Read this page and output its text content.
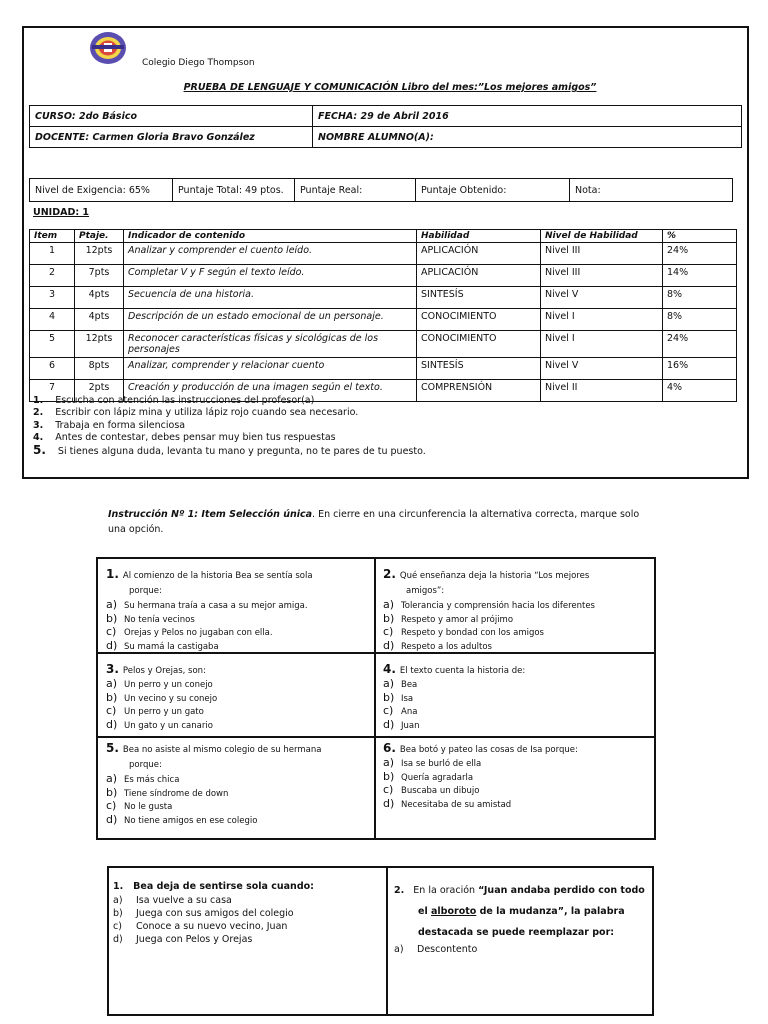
Colegio Diego Thompson
PRUEBA DE LENGUAJE Y COMUNICACIÓN Libro del mes:”Los mejores amigos”
CURSO: 2do Básico	FECHA: 29 de Abril 2016
DOCENTE: Carmen Gloria Bravo González	NOMBRE ALUMNO(A):
Nivel de Exigencia: 65%	Puntaje Total: 49 ptos.	Puntaje Real:	Puntaje Obtenido:	Nota:
UNIDAD: 1
Item	Ptaje.	Indicador de contenido	Habilidad	Nivel de Habilidad	%
1	12pts	Analizar y comprender el cuento leído.	APLICACIÓN	Nivel III	24%
2	7pts	Completar V y F según el texto leído.	APLICACIÓN	Nivel III	14%
3	4pts	Secuencia de una historia.	SINTESÍS	Nivel V	8%
4	4pts	Descripción de un estado emocional de un personaje.	CONOCIMIENTO	Nivel I	8%
5	12pts	Reconocer características físicas y sicológicas de los personajes	CONOCIMIENTO	Nivel I	24%
6	8pts	Analizar, comprender y relacionar cuento	SINTESÍS	Nivel V	16%
7	2pts	Creación y producción de una imagen según el texto.	COMPRENSIÓN	Nivel II	4%
1. Escucha con atención las instrucciones del profesor(a)
2. Escribir con lápiz mina y utiliza lápiz rojo cuando sea necesario.
3. Trabaja en forma silenciosa
4. Antes de contestar, debes pensar muy bien tus respuestas
5. Si tienes alguna duda, levanta tu mano y pregunta, no te pares de tu puesto.
Instrucción Nº 1: Item Selección única. En cierre en una circunferencia la alternativa correcta, marque solo una opción.
1. Al comienzo de la historia Bea se sentía sola
porque:
a) Su hermana traía a casa a su mejor amiga.
b) No tenía vecinos
c) Orejas y Pelos no jugaban con ella.
d) Su mamá la castigaba
2. Qué enseñanza deja la historia “Los mejores
amigos”:
a) Tolerancia y comprensión hacia los diferentes
b) Respeto y amor al prójimo
c) Respeto y bondad con los amigos
d) Respeto a los adultos
3. Pelos y Orejas, son:
a) Un perro y un conejo
b) Un vecino y su conejo
c) Un perro y un gato
d) Un gato y un canario
4. El texto cuenta la historia de:
a) Bea
b) Isa
c) Ana
d) Juan
5. Bea no asiste al mismo colegio de su hermana
porque:
a) Es más chica
b) Tiene síndrome de down
c) No le gusta
d) No tiene amigos en ese colegio
6. Bea botó y pateo las cosas de Isa porque:
a) Isa se burló de ella
b) Quería agradarla
c) Buscaba un dibujo
d) Necesitaba de su amistad
1. Bea deja de sentirse sola cuando:
a) Isa vuelve a su casa
b) Juega con sus amigos del colegio
c) Conoce a su nuevo vecino, Juan
d) Juega con Pelos y Orejas
2. En la oración “Juan andaba perdido con todo
el alboroto de la mudanza”, la palabra
destacada se puede reemplazar por:
a) Descontento
